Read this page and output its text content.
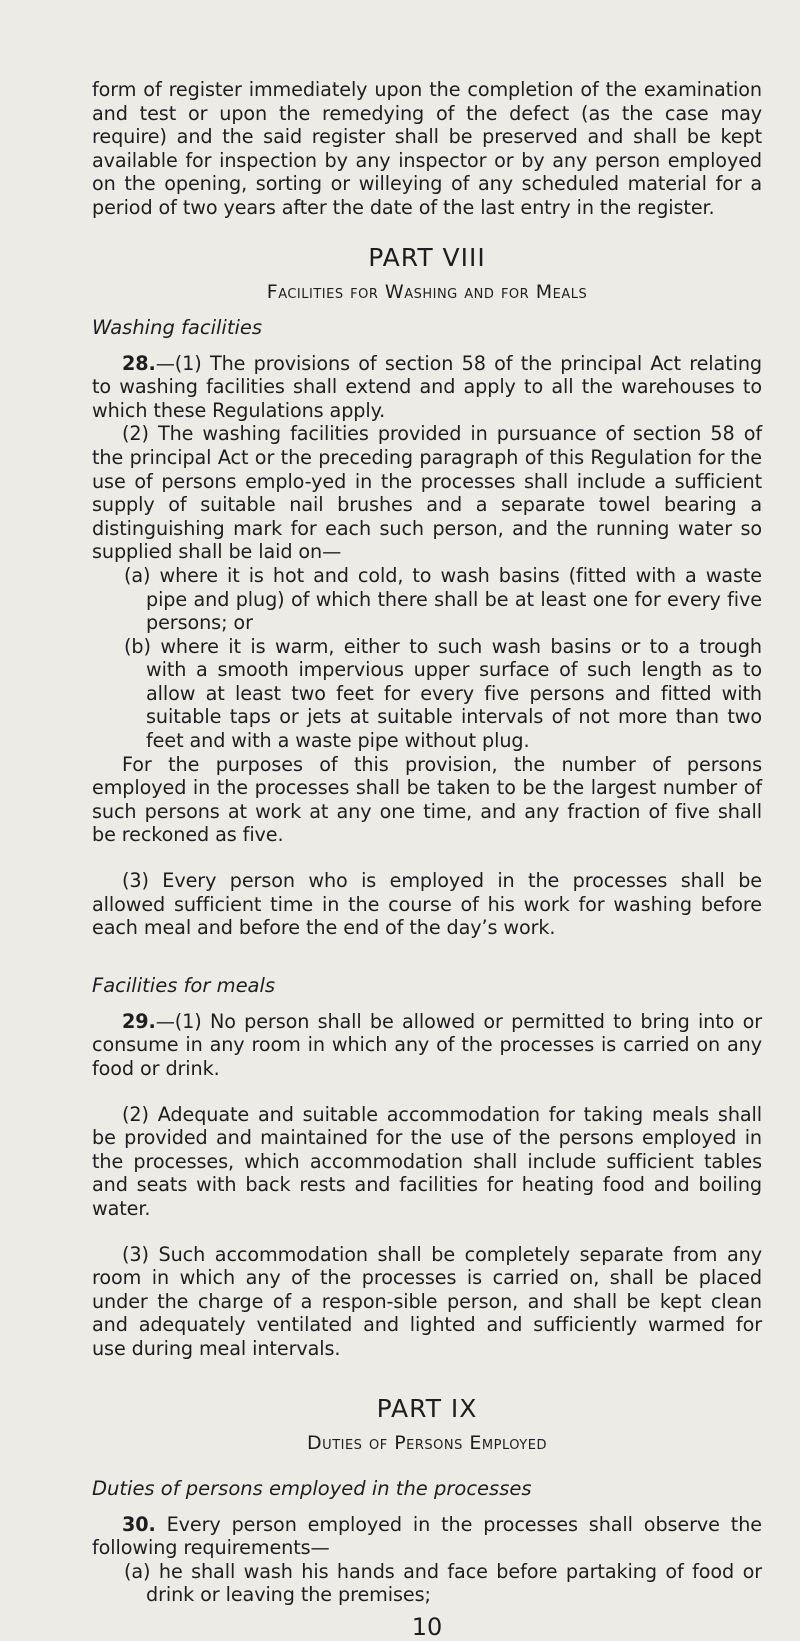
form of register immediately upon the completion of the examination and test or upon the remedying of the defect (as the case may require) and the said register shall be preserved and shall be kept available for inspection by any inspector or by any person employed on the opening, sorting or willeying of any scheduled material for a period of two years after the date of the last entry in the register.

PART VIII

Facilities for Washing and for Meals

Washing facilities

28.—(1) The provisions of section 58 of the principal Act relating to washing facilities shall extend and apply to all the warehouses to which these Regulations apply.

(2) The washing facilities provided in pursuance of section 58 of the principal Act or the preceding paragraph of this Regulation for the use of persons emplo-yed in the processes shall include a sufficient supply of suitable nail brushes and a separate towel bearing a distinguishing mark for each such person, and the running water so supplied shall be laid on—

(a) where it is hot and cold, to wash basins (fitted with a waste pipe and plug) of which there shall be at least one for every five persons; or

(b) where it is warm, either to such wash basins or to a trough with a smooth impervious upper surface of such length as to allow at least two feet for every five persons and fitted with suitable taps or jets at suitable intervals of not more than two feet and with a waste pipe without plug.

For the purposes of this provision, the number of persons employed in the processes shall be taken to be the largest number of such persons at work at any one time, and any fraction of five shall be reckoned as five.

(3) Every person who is employed in the processes shall be allowed sufficient time in the course of his work for washing before each meal and before the end of the day’s work.

Facilities for meals

29.—(1) No person shall be allowed or permitted to bring into or consume in any room in which any of the processes is carried on any food or drink.

(2) Adequate and suitable accommodation for taking meals shall be provided and maintained for the use of the persons employed in the processes, which accommodation shall include sufficient tables and seats with back rests and facilities for heating food and boiling water.

(3) Such accommodation shall be completely separate from any room in which any of the processes is carried on, shall be placed under the charge of a respon-sible person, and shall be kept clean and adequately ventilated and lighted and sufficiently warmed for use during meal intervals.

PART IX

Duties of Persons Employed

Duties of persons employed in the processes

30. Every person employed in the processes shall observe the following requirements—

(a) he shall wash his hands and face before partaking of food or drink or leaving the premises;

10
